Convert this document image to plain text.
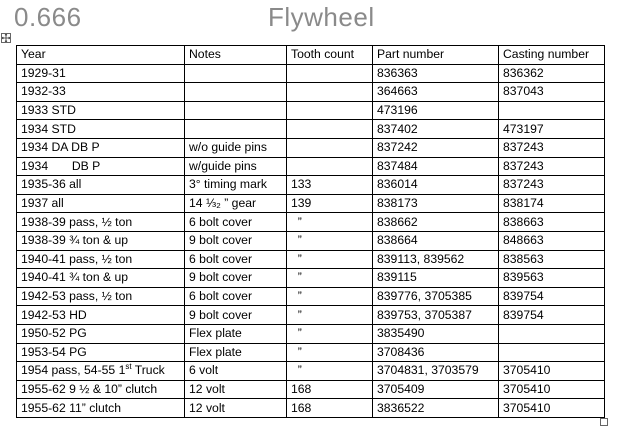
0.666	Flywheel
Year	Notes	Tooth count	Part number	Casting number
1929-31			836363	836362
1932-33			364663	837043
1933 STD			473196	
1934 STD			837402	473197
1934 DA DB P	w/o guide pins		837242	837243
1934       DB P	w/guide pins		837484	837243
1935-36 all	3° timing mark	133	836014	837243
1937 all	14 ⅓₂ ” gear	139	838173	838174
1938-39 pass, ½ ton	6 bolt cover	”	838662	838663
1938-39 ¾ ton & up	9 bolt cover	”	838664	848663
1940-41 pass, ½ ton	6 bolt cover	”	839113, 839562	838563
1940-41 ¾ ton & up	9 bolt cover	”	839115	839563
1942-53 pass, ½ ton	6 bolt cover	”	839776, 3705385	839754
1942-53 HD	9 bolt cover	”	839753, 3705387	839754
1950-52 PG	Flex plate	”	3835490	
1953-54 PG	Flex plate	”	3708436	
1954 pass, 54-55 1st Truck	6 volt	”	3704831, 3703579	3705410
1955-62 9 ½ & 10” clutch	12 volt	168	3705409	3705410
1955-62 11” clutch	12 volt	168	3836522	3705410
